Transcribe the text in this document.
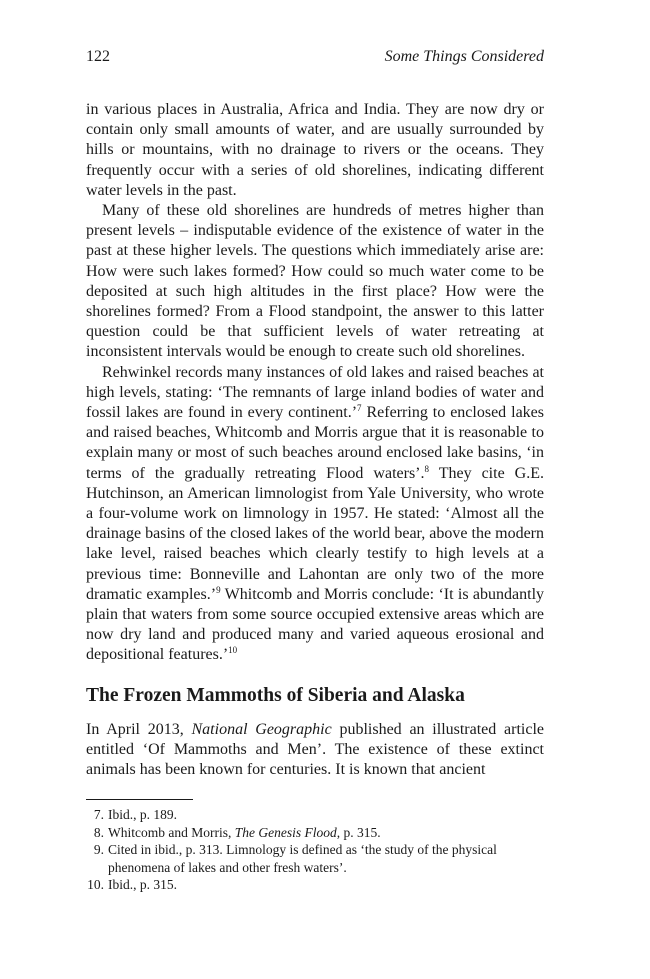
122	Some Things Considered

in various places in Australia, Africa and India. They are now dry or contain only small amounts of water, and are usually surrounded by hills or mountains, with no drainage to rivers or the oceans. They frequently occur with a series of old shorelines, indicating different water levels in the past.

Many of these old shorelines are hundreds of metres higher than present levels – indisputable evidence of the existence of water in the past at these higher levels. The questions which immediately arise are: How were such lakes formed? How could so much water come to be deposited at such high altitudes in the first place? How were the shorelines formed? From a Flood standpoint, the answer to this latter question could be that sufficient levels of water retreating at inconsistent intervals would be enough to create such old shorelines.

Rehwinkel records many instances of old lakes and raised beaches at high levels, stating: ‘The remnants of large inland bodies of water and fossil lakes are found in every continent.’$^7$ Referring to enclosed lakes and raised beaches, Whitcomb and Morris argue that it is reasonable to explain many or most of such beaches around enclosed lake basins, ‘in terms of the gradually retreating Flood waters’.$^8$ They cite G.E. Hutchinson, an American limnologist from Yale University, who wrote a four-volume work on limnology in 1957. He stated: ‘Almost all the drainage basins of the closed lakes of the world bear, above the modern lake level, raised beaches which clearly testify to high levels at a previous time: Bonneville and Lahontan are only two of the more dramatic examples.’$^9$ Whitcomb and Morris conclude: ‘It is abundantly plain that waters from some source occupied extensive areas which are now dry land and produced many and varied aqueous erosional and depositional features.’$^{10}$

The Frozen Mammoths of Siberia and Alaska

In April 2013, National Geographic published an illustrated article entitled ‘Of Mammoths and Men’. The existence of these extinct animals has been known for centuries. It is known that ancient

7. Ibid., p. 189.
8. Whitcomb and Morris, The Genesis Flood, p. 315.
9. Cited in ibid., p. 313. Limnology is defined as ‘the study of the physical phenomena of lakes and other fresh waters’.
10. Ibid., p. 315.
